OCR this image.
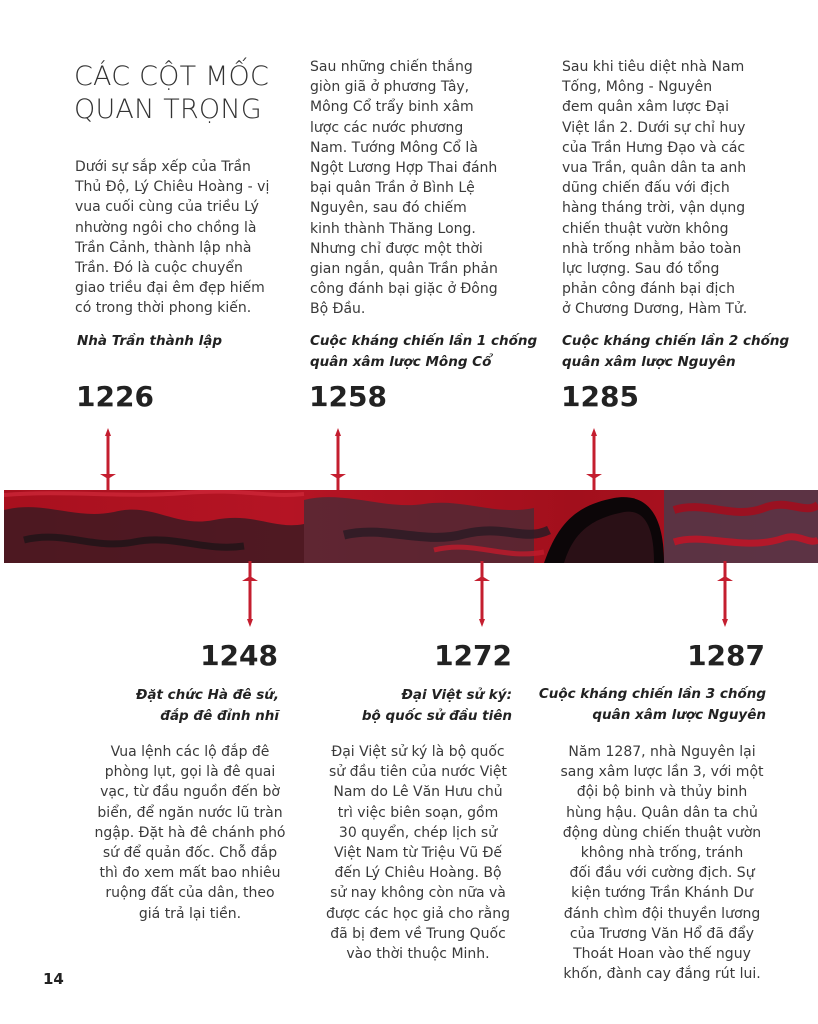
CÁC CỘT MỐC
QUAN TRỌNG
Dưới sự sắp xếp của Trần
Thủ Độ, Lý Chiêu Hoàng - vị
vua cuối cùng của triều Lý
nhường ngôi cho chồng là
Trần Cảnh, thành lập nhà
Trần. Đó là cuộc chuyển
giao triều đại êm đẹp hiếm
có trong thời phong kiến.
Nhà Trần thành lập
1226
Sau những chiến thắng
giòn giã ở phương Tây,
Mông Cổ trẩy binh xâm
lược các nước phương
Nam. Tướng Mông Cổ là
Ngột Lương Hợp Thai đánh
bại quân Trần ở Bình Lệ
Nguyên, sau đó chiếm
kinh thành Thăng Long.
Nhưng chỉ được một thời
gian ngắn, quân Trần phản
công đánh bại giặc ở Đông
Bộ Đầu.
Cuộc kháng chiến lần 1 chống
quân xâm lược Mông Cổ
1258
Sau khi tiêu diệt nhà Nam
Tống, Mông - Nguyên
đem quân xâm lược Đại
Việt lần 2. Dưới sự chỉ huy
của Trần Hưng Đạo và các
vua Trần, quân dân ta anh
dũng chiến đấu với địch
hàng tháng trời, vận dụng
chiến thuật vườn không
nhà trống nhằm bảo toàn
lực lượng. Sau đó tổng
phản công đánh bại địch
ở Chương Dương, Hàm Tử.
Cuộc kháng chiến lần 2 chống
quân xâm lược Nguyên
1285
1248
Đặt chức Hà đê sứ,
đắp đê đỉnh nhĩ
Vua lệnh các lộ đắp đê
phòng lụt, gọi là đê quai
vạc, từ đầu nguồn đến bờ
biển, để ngăn nước lũ tràn
ngập. Đặt hà đê chánh phó
sứ để quản đốc. Chỗ đắp
thì đo xem mất bao nhiêu
ruộng đất của dân, theo
giá trả lại tiền.
1272
Đại Việt sử ký:
bộ quốc sử đầu tiên
Đại Việt sử ký là bộ quốc
sử đầu tiên của nước Việt
Nam do Lê Văn Hưu chủ
trì việc biên soạn, gồm
30 quyển, chép lịch sử
Việt Nam từ Triệu Vũ Đế
đến Lý Chiêu Hoàng. Bộ
sử nay không còn nữa và
được các học giả cho rằng
đã bị đem về Trung Quốc
vào thời thuộc Minh.
1287
Cuộc kháng chiến lần 3 chống
quân xâm lược Nguyên
Năm 1287, nhà Nguyên lại
sang xâm lược lần 3, với một
đội bộ binh và thủy binh
hùng hậu. Quân dân ta chủ
động dùng chiến thuật vườn
không nhà trống, tránh
đối đầu với cường địch. Sự
kiện tướng Trần Khánh Dư
đánh chìm đội thuyền lương
của Trương Văn Hổ đã đẩy
Thoát Hoan vào thế nguy
khốn, đành cay đắng rút lui.
14
